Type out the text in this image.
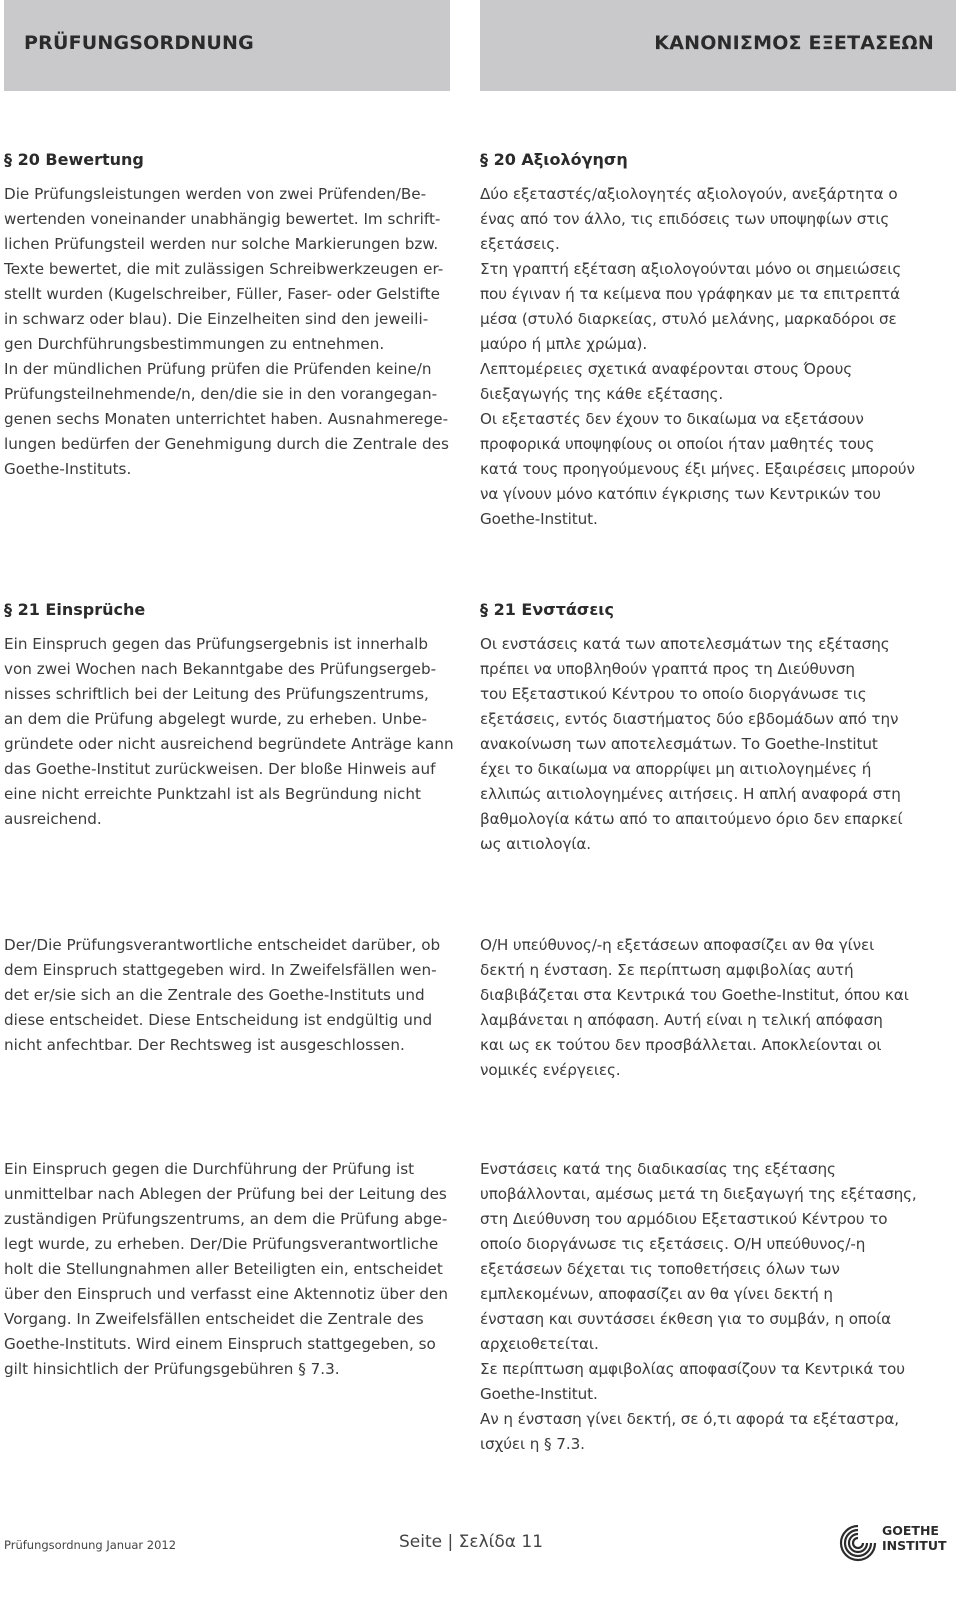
PRÜFUNGSORDNUNG	ΚΑΝΟΝΙΣΜΟΣ ΕΞΕΤΑΣΕΩΝ
§ 20 Bewertung

Die Prüfungsleistungen werden von zwei Prüfenden/Be-
wertenden voneinander unabhängig bewertet. Im schrift-
lichen Prüfungsteil werden nur solche Markierungen bzw.
Texte bewertet, die mit zulässigen Schreibwerkzeugen er-
stellt wurden (Kugelschreiber, Füller, Faser- oder Gelstifte
in schwarz oder blau). Die Einzelheiten sind den jeweili-
gen Durchführungsbestimmungen zu entnehmen.
In der mündlichen Prüfung prüfen die Prüfenden keine/n
Prüfungsteilnehmende/n, den/die sie in den vorangegan-
genen sechs Monaten unterrichtet haben. Ausnahmerege-
lungen bedürfen der Genehmigung durch die Zentrale des
Goethe-Instituts.

§ 20 Αξιολόγηση

Δύο εξεταστές/αξιολογητές αξιολογούν, ανεξάρτητα ο
ένας από τον άλλο, τις επιδόσεις των υποψηφίων στις
εξετάσεις.
Στη γραπτή εξέταση αξιολογούνται μόνο οι σημειώσεις
που έγιναν ή τα κείμενα που γράφηκαν με τα επιτρεπτά
μέσα (στυλό διαρκείας, στυλό μελάνης, μαρκαδόροι σε
μαύρο ή μπλε χρώμα).
Λεπτομέρειες σχετικά αναφέρονται στους Όρους
διεξαγωγής της κάθε εξέτασης.
Οι εξεταστές δεν έχουν το δικαίωμα να εξετάσουν
προφορικά υποψηφίους οι οποίοι ήταν μαθητές τους
κατά τους προηγούμενους έξι μήνες. Εξαιρέσεις μπορούν
να γίνουν μόνο κατόπιν έγκρισης των Κεντρικών του
Goethe-Institut.

§ 21 Einsprüche

Ein Einspruch gegen das Prüfungsergebnis ist innerhalb
von zwei Wochen nach Bekanntgabe des Prüfungsergeb-
nisses schriftlich bei der Leitung des Prüfungszentrums,
an dem die Prüfung abgelegt wurde, zu erheben. Unbe-
gründete oder nicht ausreichend begründete Anträge kann
das Goethe-Institut zurückweisen. Der bloße Hinweis auf
eine nicht erreichte Punktzahl ist als Begründung nicht
ausreichend.

§ 21 Ενστάσεις

Οι ενστάσεις κατά των αποτελεσμάτων της εξέτασης
πρέπει να υποβληθούν γραπτά προς τη Διεύθυνση
του Εξεταστικού Κέντρου το οποίο διοργάνωσε τις
εξετάσεις, εντός διαστήματος δύο εβδομάδων από την
ανακοίνωση των αποτελεσμάτων. Το Goethe-Institut
έχει το δικαίωμα να απορρίψει μη αιτιολογημένες ή
ελλιπώς αιτιολογημένες αιτήσεις. Η απλή αναφορά στη
βαθμολογία κάτω από το απαιτούμενο όριο δεν επαρκεί
ως αιτιολογία.

Der/Die Prüfungsverantwortliche entscheidet darüber, ob
dem Einspruch stattgegeben wird. In Zweifelsfällen wen-
det er/sie sich an die Zentrale des Goethe-Instituts und
diese entscheidet. Diese Entscheidung ist endgültig und
nicht anfechtbar. Der Rechtsweg ist ausgeschlossen.

Ο/Η υπεύθυνος/-η εξετάσεων αποφασίζει αν θα γίνει
δεκτή η ένσταση. Σε περίπτωση αμφιβολίας αυτή
διαβιβάζεται στα Κεντρικά του Goethe-Institut, όπου και
λαμβάνεται η απόφαση. Αυτή είναι η τελική απόφαση
και ως εκ τούτου δεν προσβάλλεται. Αποκλείονται οι
νομικές ενέργειες.

Ein Einspruch gegen die Durchführung der Prüfung ist
unmittelbar nach Ablegen der Prüfung bei der Leitung des
zuständigen Prüfungszentrums, an dem die Prüfung abge-
legt wurde, zu erheben. Der/Die Prüfungsverantwortliche
holt die Stellungnahmen aller Beteiligten ein, entscheidet
über den Einspruch und verfasst eine Aktennotiz über den
Vorgang. In Zweifelsfällen entscheidet die Zentrale des
Goethe-Instituts. Wird einem Einspruch stattgegeben, so
gilt hinsichtlich der Prüfungsgebühren § 7.3.

Ενστάσεις κατά της διαδικασίας της εξέτασης
υποβάλλονται, αμέσως μετά τη διεξαγωγή της εξέτασης,
στη Διεύθυνση του αρμόδιου Εξεταστικού Κέντρου το
οποίο διοργάνωσε τις εξετάσεις. Ο/Η υπεύθυνος/-η
εξετάσεων δέχεται τις τοποθετήσεις όλων των
εμπλεκομένων, αποφασίζει αν θα γίνει δεκτή η
ένσταση και συντάσσει έκθεση για το συμβάν, η οποία
αρχειοθετείται.
Σε περίπτωση αμφιβολίας αποφασίζουν τα Κεντρικά του
Goethe-Institut.
Αν η ένσταση γίνει δεκτή, σε ό,τι αφορά τα εξέταστρα,
ισχύει η § 7.3.

Prüfungsordnung Januar 2012	Seite | Σελίδα 11
GOETHE
INSTITUT
